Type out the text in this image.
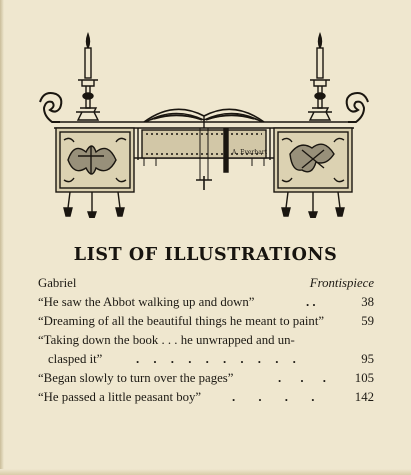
A. Everhart
LIST OF ILLUSTRATIONS
Gabriel	Frontispiece
“He saw the Abbot walking up and down”	. .	38
“Dreaming of all the beautiful things he meant to paint”	59
“Taking down the book . . . he unwrapped and un-
clasped it”	. . . . . . . . . .	95
“Began slowly to turn over the pages”	. . . 105
“He passed a little peasant boy” . . . . 142
